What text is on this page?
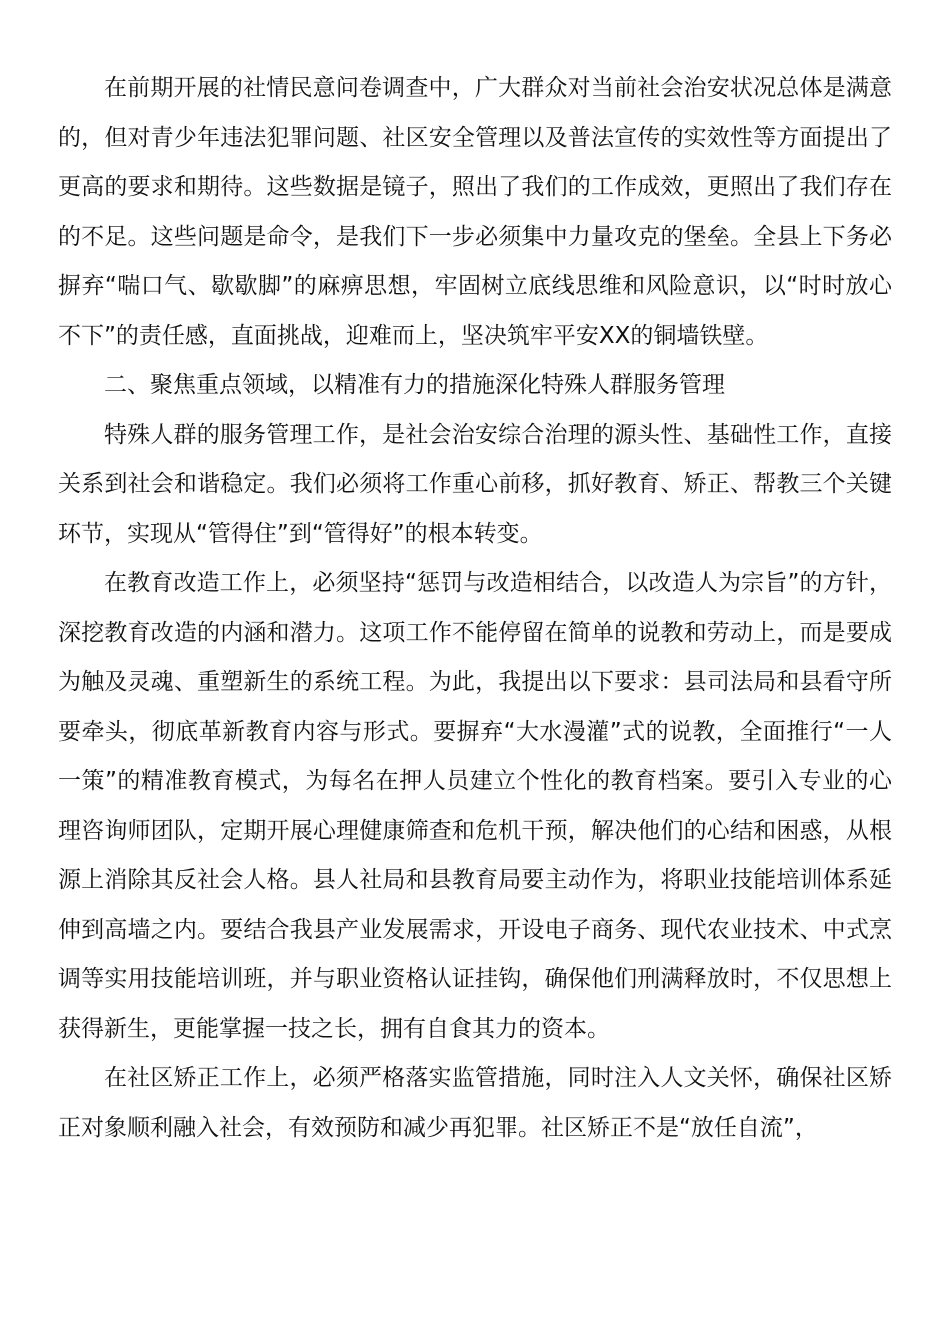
在前期开展的社情民意问卷调查中，广大群众对当前社会治安状况总体是满意的，但对青少年违法犯罪问题、社区安全管理以及普法宣传的实效性等方面提出了更高的要求和期待。这些数据是镜子，照出了我们的工作成效，更照出了我们存在的不足。这些问题是命令，是我们下一步必须集中力量攻克的堡垒。全县上下务必摒弃“喘口气、歇歇脚”的麻痹思想，牢固树立底线思维和风险意识，以“时时放心不下”的责任感，直面挑战，迎难而上，坚决筑牢平安XX的铜墙铁壁。

二、聚焦重点领域，以精准有力的措施深化特殊人群服务管理

特殊人群的服务管理工作，是社会治安综合治理的源头性、基础性工作，直接关系到社会和谐稳定。我们必须将工作重心前移，抓好教育、矫正、帮教三个关键环节，实现从“管得住”到“管得好”的根本转变。

在教育改造工作上，必须坚持“惩罚与改造相结合，以改造人为宗旨”的方针，深挖教育改造的内涵和潜力。这项工作不能停留在简单的说教和劳动上，而是要成为触及灵魂、重塑新生的系统工程。为此，我提出以下要求：县司法局和县看守所要牵头，彻底革新教育内容与形式。要摒弃“大水漫灌”式的说教，全面推行“一人一策”的精准教育模式，为每名在押人员建立个性化的教育档案。要引入专业的心理咨询师团队，定期开展心理健康筛查和危机干预，解决他们的心结和困惑，从根源上消除其反社会人格。县人社局和县教育局要主动作为，将职业技能培训体系延伸到高墙之内。要结合我县产业发展需求，开设电子商务、现代农业技术、中式烹调等实用技能培训班，并与职业资格认证挂钩，确保他们刑满释放时，不仅思想上获得新生，更能掌握一技之长，拥有自食其力的资本。

在社区矫正工作上，必须严格落实监管措施，同时注入人文关怀，确保社区矫正对象顺利融入社会，有效预防和减少再犯罪。社区矫正不是“放任自流”，
